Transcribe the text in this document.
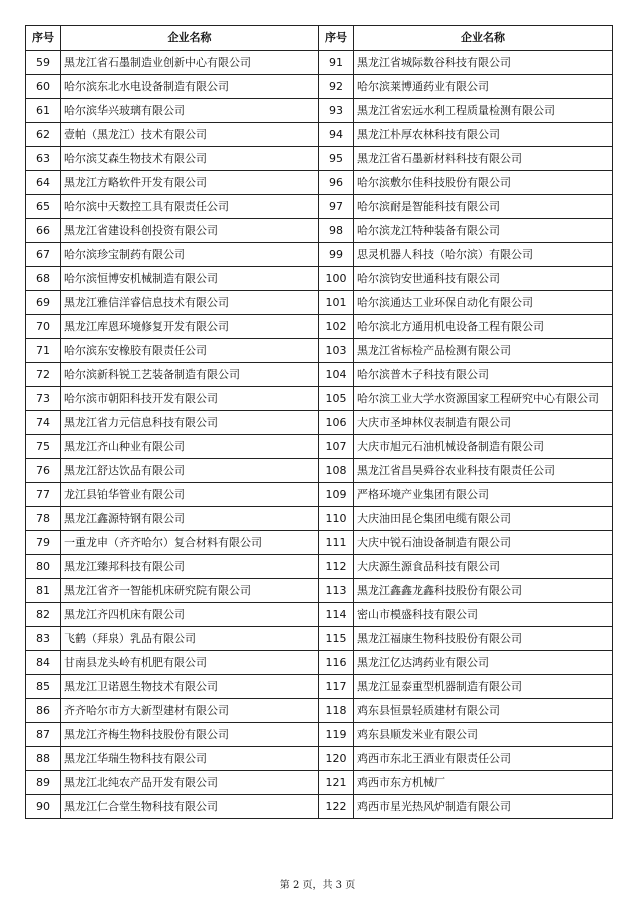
序号	企业名称	序号	企业名称
59	黑龙江省石墨制造业创新中心有限公司	91	黑龙江省城际数谷科技有限公司
60	哈尔滨东北水电设备制造有限公司	92	哈尔滨莱博通药业有限公司
61	哈尔滨华兴玻璃有限公司	93	黑龙江省宏远水利工程质量检测有限公司
62	壹帕（黑龙江）技术有限公司	94	黑龙江朴厚农林科技有限公司
63	哈尔滨艾森生物技术有限公司	95	黑龙江省石墨新材料科技有限公司
64	黑龙江方略软件开发有限公司	96	哈尔滨敷尔佳科技股份有限公司
65	哈尔滨中天数控工具有限责任公司	97	哈尔滨耐是智能科技有限公司
66	黑龙江省建设科创投资有限公司	98	哈尔滨龙江特种装备有限公司
67	哈尔滨珍宝制药有限公司	99	思灵机器人科技（哈尔滨）有限公司
68	哈尔滨恒博安机械制造有限公司	100	哈尔滨钧安世通科技有限公司
69	黑龙江雅信洋睿信息技术有限公司	101	哈尔滨通达工业环保自动化有限公司
70	黑龙江库恩环境修复开发有限公司	102	哈尔滨北方通用机电设备工程有限公司
71	哈尔滨东安橡胶有限责任公司	103	黑龙江省标检产品检测有限公司
72	哈尔滨新科锐工艺装备制造有限公司	104	哈尔滨普木子科技有限公司
73	哈尔滨市朝阳科技开发有限公司	105	哈尔滨工业大学水资源国家工程研究中心有限公司
74	黑龙江省力元信息科技有限公司	106	大庆市圣坤林仪表制造有限公司
75	黑龙江齐山种业有限公司	107	大庆市旭元石油机械设备制造有限公司
76	黑龙江舒达饮品有限公司	108	黑龙江省昌昊舜谷农业科技有限责任公司
77	龙江县铂华管业有限公司	109	严格环境产业集团有限公司
78	黑龙江鑫源特钢有限公司	110	大庆油田昆仑集团电缆有限公司
79	一重龙申（齐齐哈尔）复合材料有限公司	111	大庆中锐石油设备制造有限公司
80	黑龙江臻邦科技有限公司	112	大庆源生源食品科技有限公司
81	黑龙江省齐一智能机床研究院有限公司	113	黑龙江鑫鑫龙鑫科技股份有限公司
82	黑龙江齐四机床有限公司	114	密山市模盛科技有限公司
83	飞鹤（拜泉）乳品有限公司	115	黑龙江福康生物科技股份有限公司
84	甘南县龙头岭有机肥有限公司	116	黑龙江亿达鸿药业有限公司
85	黑龙江卫诺恩生物技术有限公司	117	黑龙江显泰重型机器制造有限公司
86	齐齐哈尔市方大新型建材有限公司	118	鸡东县恒景轻质建材有限公司
87	黑龙江齐梅生物科技股份有限公司	119	鸡东县顺发米业有限公司
88	黑龙江华瑞生物科技有限公司	120	鸡西市东北王酒业有限责任公司
89	黑龙江北纯农产品开发有限公司	121	鸡西市东方机械厂
90	黑龙江仁合堂生物科技有限公司	122	鸡西市星光热风炉制造有限公司
第 2 页，共 3 页
